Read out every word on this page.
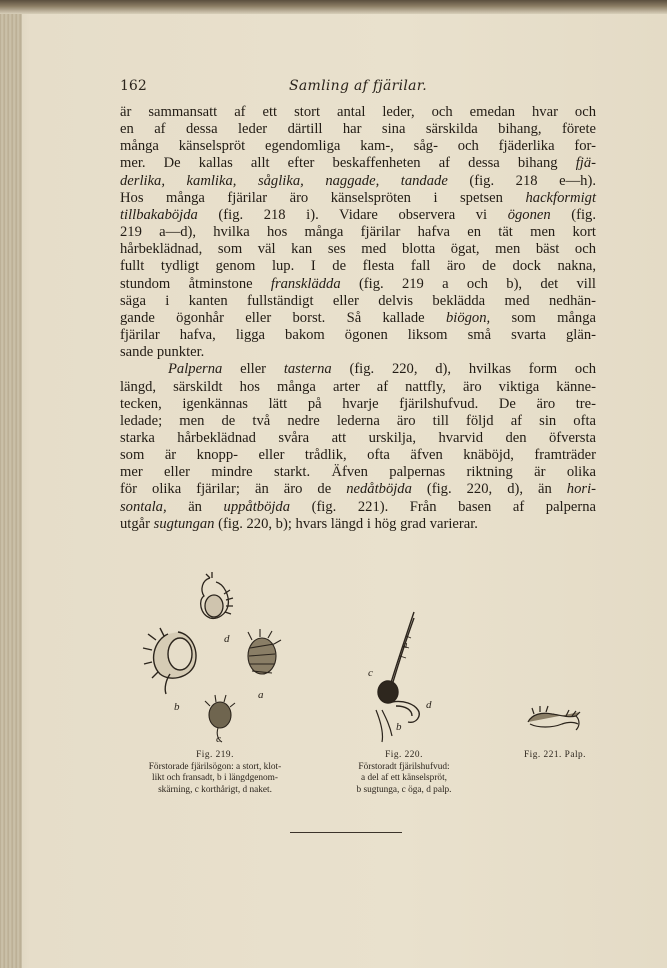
162	Samling af fjärilar.

är sammansatt af ett stort antal leder, och emedan hvar och

en af dessa leder därtill har sina särskilda bihang, förete

många känselspröt egendomliga kam-, såg- och fjäderlika for-

mer. De kallas allt efter beskaffenheten af dessa bihang fjä-

derlika, kamlika, såglika, naggade, tandade (fig. 218 e—h).

Hos många fjärilar äro känselspröten i spetsen hackformigt

tillbakaböjda (fig. 218 i). Vidare observera vi ögonen (fig.

219 a—d), hvilka hos många fjärilar hafva en tät men kort

hårbeklädnad, som väl kan ses med blotta ögat, men bäst och

fullt tydligt genom lup. I de flesta fall äro de dock nakna,

stundom åtminstone fransklädda (fig. 219 a och b), det vill

säga i kanten fullständigt eller delvis beklädda med nedhän-

gande ögonhår eller borst. Så kallade biögon, som många

fjärilar hafva, ligga bakom ögonen liksom små svarta glän-

sande punkter.

Palperna eller tasterna (fig. 220, d), hvilkas form och

längd, särskildt hos många arter af nattfly, äro viktiga känne-

tecken, igenkännas lätt på hvarje fjärilshufvud. De äro tre-

ledade; men de två nedre lederna äro till följd af sin ofta

starka hårbeklädnad svåra att urskilja, hvarvid den öfversta

som är knopp- eller trådlik, ofta äfven knäböjd, framträder

mer eller mindre starkt. Äfven palpernas riktning är olika

för olika fjärilar; än äro de nedåtböjda (fig. 220, d), än hori-

sontala, än uppåtböjda (fig. 221). Från basen af palperna

utgår sugtungan (fig. 220, b); hvars längd i hög grad varierar.

d
b
a
c
a
c
d
b
Fig. 219.
Förstorade fjärilsögon: a stort, klot-
likt och fransadt, b i längdgenom-
skärning, c korthårigt, d naket.
Fig. 220.
Förstoradt fjärilshufvud:
a del af ett känselspröt,
b sugtunga, c öga, d palp.
Fig. 221. Palp.
